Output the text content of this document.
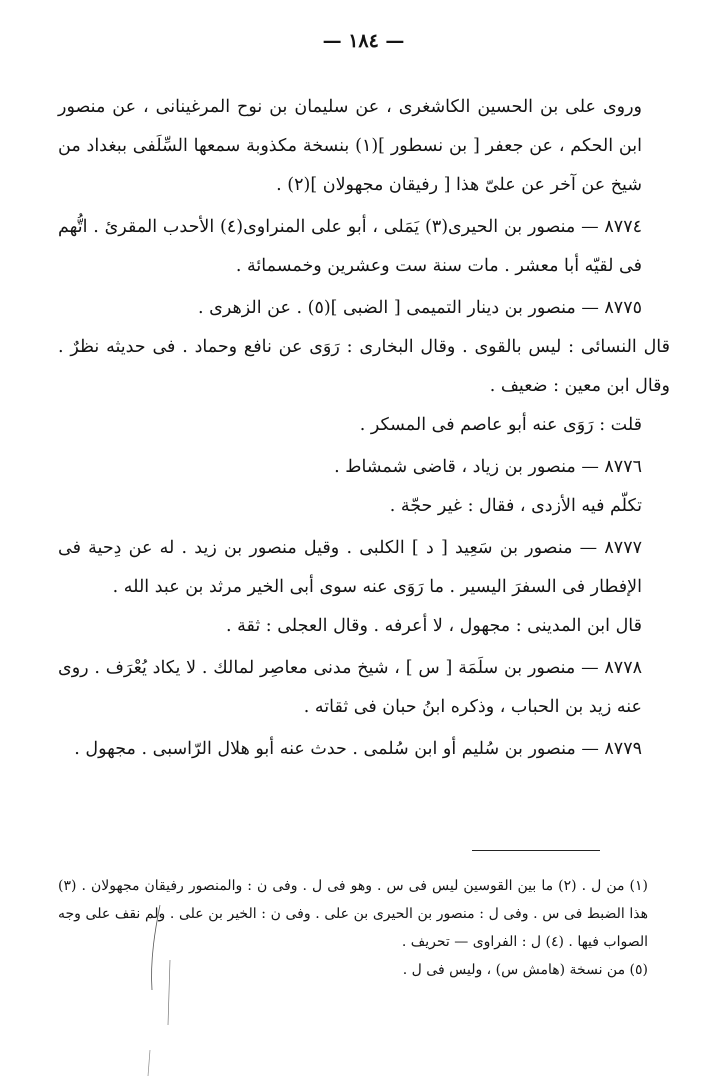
— ١٨٤ —

وروى على بن الحسين الكاشغرى ، عن سليمان بن نوح المرغينانى ، عن منصور ابن الحكم ، عن جعفر [ بن نسطور ](١) بنسخة مكذوبة سمعها السِّلَفى ببغداد من شيخ عن آخر عن علىّ هذا [ رفيقان مجهولان ](٢) .

٨٧٧٤ — منصور بن الحيرى(٣) يَمَلى ، أبو على المنراوى(٤) الأحدب المقرئ . اتُّهم فى لقيّه أبا معشر . مات سنة ست وعشرين وخمسمائة .

٨٧٧٥ — منصور بن دينار التميمى [ الضبى ](٥) . عن الزهرى .

قال النسائى : ليس بالقوى . وقال البخارى : رَوَى عن نافع وحماد . فى حديثه نظرٌ . وقال ابن معين : ضعيف .

قلت : رَوَى عنه أبو عاصم فى المسكر .

٨٧٧٦ — منصور بن زياد ، قاضى شمشاط .

تكلّم فيه الأزدى ، فقال : غير حجّة .

٨٧٧٧ — منصور بن سَعِيد [ د ] الكلبى . وقيل منصور بن زيد . له عن دِحية فى الإفطار فى السفرَ اليسير . ما رَوَى عنه سوى أبى الخير مرثد بن عبد الله .

قال ابن المدينى : مجهول ، لا أعرفه . وقال العجلى : ثقة .

٨٧٧٨ — منصور بن سلَمَة [ س ] ، شيخ مدنى معاصِر لمالك . لا يكاد يُعْرَف . روى عنه زيد بن الحباب ، وذكره ابنُ حبان فى ثقاته .

٨٧٧٩ — منصور بن سُليم أو ابن سُلمى . حدث عنه أبو هلال الرّاسبى . مجهول .

(١) من ل . (٢) ما بين القوسين ليس فى س . وهو فى ل . وفى ن : والمنصور رفيقان مجهولان . (٣) هذا الضبط فى س . وفى ل : منصور بن الحيرى بن على . وفى ن : الخير بن على . ولم نقف على وجه الصواب فيها . (٤) ل : الفراوى — تحريف .

(٥) من نسخة (هامش س) ، وليس فى ل .
